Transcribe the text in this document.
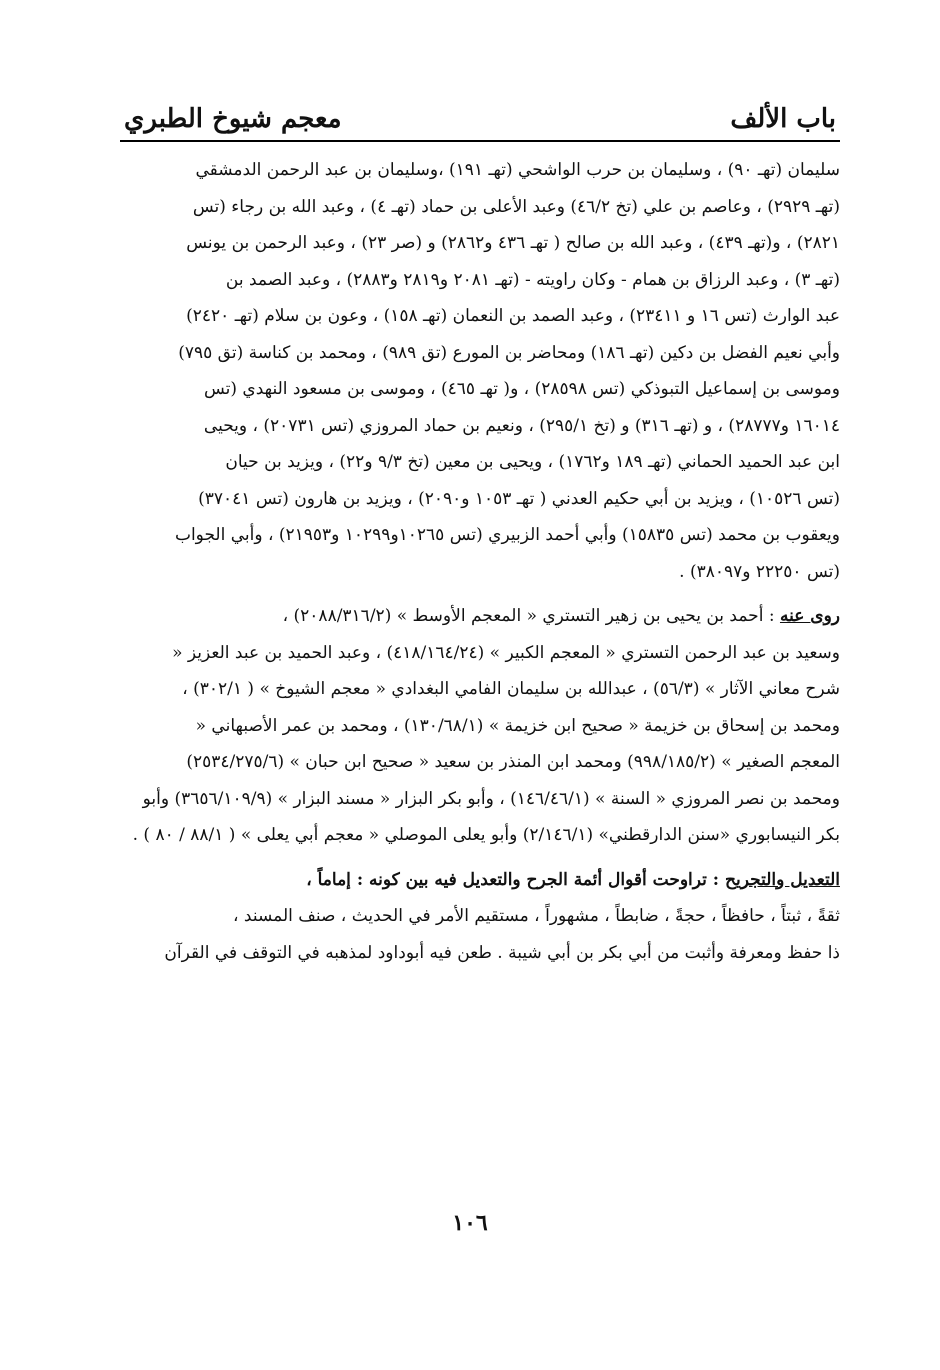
باب الألف
معجم شيوخ الطبري
سليمان (تهـ ٩٠) ، وسليمان بن حرب الواشحي (تهـ ١٩١) ،وسليمان بن عبد الرحمن الدمشقي
(تهـ ٢٩٢٩) ، وعاصم بن علي (تخ ٤٦/٢) وعبد الأعلى بن حماد (تهـ ٤) ، وعبد الله بن رجاء (تس
٢٨٢١) ، و(تهـ ٤٣٩) ، وعبد الله بن صالح ( تهـ ٤٣٦ و٢٨٦٢) و (صر ٢٣) ، وعبد الرحمن بن يونس
(تهـ ٣) ، وعبد الرزاق بن همام - وكان راويته - (تهـ ٢٠٨١ و٢٨١٩ و٢٨٨٣) ، وعبد الصمد بن
عبد الوارث (تس ١٦ و ٢٣٤١١) ، وعبد الصمد بن النعمان (تهـ ١٥٨) ، وعون بن سلام (تهـ ٢٤٢٠)
وأبي نعيم الفضل بن دكين (تهـ ١٨٦) ومحاضر بن المورع (تق ٩٨٩) ، ومحمد بن كناسة (تق ٧٩٥)
وموسى بن إسماعيل التبوذكي (تس ٢٨٥٩٨) ، و( تهـ ٤٦٥) ، وموسى بن مسعود النهدي (تس
١٦٠١٤ و٢٨٧٧٧) ، و (تهـ ٣١٦) و (تخ ٢٩٥/١) ، ونعيم بن حماد المروزي (تس ٢٠٧٣١) ، ويحيى
ابن عبد الحميد الحماني (تهـ ١٨٩ و١٧٦٢) ، ويحيى بن معين (تخ ٩/٣ و٢٢) ، ويزيد بن حيان
(تس ١٠٥٢٦) ، ويزيد بن أبي حكيم العدني ( تهـ ١٠٥٣ و٢٠٩٠) ، ويزيد بن هارون (تس ٣٧٠٤١)
ويعقوب بن محمد (تس ١٥٨٣٥) وأبي أحمد الزبيري (تس ١٠٢٦٥و١٠٢٩٩ و٢١٩٥٣) ، وأبي الجواب
(تس ٢٢٢٥٠ و٣٨٠٩٧) .
روى عنه : أحمد بن يحيى بن زهير التستري « المعجم الأوسط » (٢٠٨٨/٣١٦/٢) ،
وسعيد بن عبد الرحمن التستري « المعجم الكبير » (٤١٨/١٦٤/٢٤) ، وعبد الحميد بن عبد العزيز «
شرح معاني الآثار » (٥٦/٣) ، عبدالله بن سليمان الفامي البغدادي « معجم الشيوخ » ( ٣٠٢/١) ،
ومحمد بن إسحاق بن خزيمة « صحيح ابن خزيمة » (١٣٠/٦٨/١) ، ومحمد بن عمر الأصبهاني «
المعجم الصغير » (٩٩٨/١٨٥/٢) ومحمد ابن المنذر بن سعيد « صحيح ابن حبان » (٢٥٣٤/٢٧٥/٦)
ومحمد بن نصر المروزي « السنة » (١٤٦/٤٦/١) ، وأبو بكر البزار « مسند البزار » (٣٦٥٦/١٠٩/٩) وأبو
بكر النيسابوري «سنن الدارقطني» (٢/١٤٦/١) وأبو يعلى الموصلي « معجم أبي يعلى » ( ٨٨/١ / ٨٠ ) .
التعديل والتجريح : تراوحت أقوال أئمة الجرح والتعديل فيه بين كونه : إماماً ،
ثقةً ، ثبتاً ، حافظاً ، حجةً ، ضابطاً ، مشهوراً ، مستقيم الأمر في الحديث ، صنف المسند ،
ذا حفظ ومعرفة وأثبت من أبي بكر بن أبي شيبة . طعن فيه أبوداود لمذهبه في التوقف في القرآن
١٠٦
